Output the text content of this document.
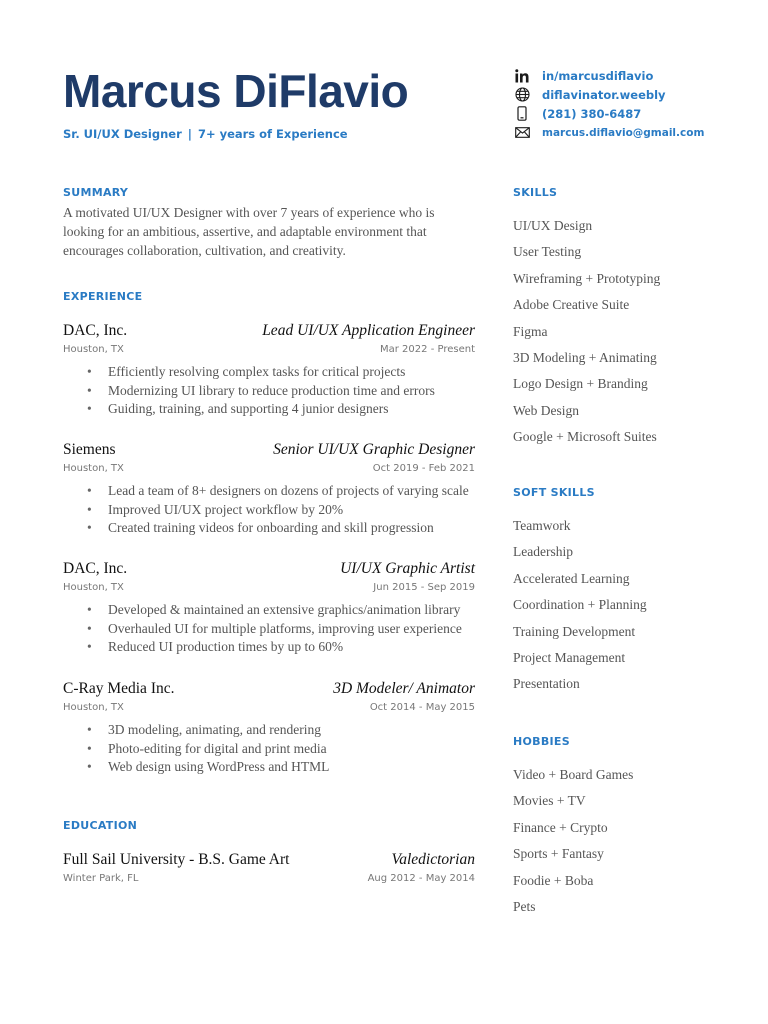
Marcus DiFlavio
Sr. UI/UX Designer | 7+ years of Experience
in/marcusdiflavio
diflavinator.weebly
(281) 380-6487
marcus.diflavio@gmail.com
SUMMARY
A motivated UI/UX Designer with over 7 years of experience who is looking for an ambitious, assertive, and adaptable environment that encourages collaboration, cultivation, and creativity.
EXPERIENCE
DAC, Inc.	Lead UI/UX Application Engineer
Houston, TX	Mar 2022 - Present
• Efficiently resolving complex tasks for critical projects
• Modernizing UI library to reduce production time and errors
• Guiding, training, and supporting 4 junior designers
Siemens	Senior UI/UX Graphic Designer
Houston, TX	Oct 2019 - Feb 2021
• Lead a team of 8+ designers on dozens of projects of varying scale
• Improved UI/UX project workflow by 20%
• Created training videos for onboarding and skill progression
DAC, Inc.	UI/UX Graphic Artist
Houston, TX	Jun 2015 - Sep 2019
• Developed & maintained an extensive graphics/animation library
• Overhauled UI for multiple platforms, improving user experience
• Reduced UI production times by up to 60%
C-Ray Media Inc.	3D Modeler/ Animator
Houston, TX	Oct 2014 - May 2015
• 3D modeling, animating, and rendering
• Photo-editing for digital and print media
• Web design using WordPress and HTML
EDUCATION
Full Sail University - B.S. Game Art	Valedictorian
Winter Park, FL	Aug 2012 - May 2014
SKILLS
UI/UX Design
User Testing
Wireframing + Prototyping
Adobe Creative Suite
Figma
3D Modeling + Animating
Logo Design + Branding
Web Design
Google + Microsoft Suites
SOFT SKILLS
Teamwork
Leadership
Accelerated Learning
Coordination + Planning
Training Development
Project Management
Presentation
HOBBIES
Video + Board Games
Movies + TV
Finance + Crypto
Sports + Fantasy
Foodie + Boba
Pets
